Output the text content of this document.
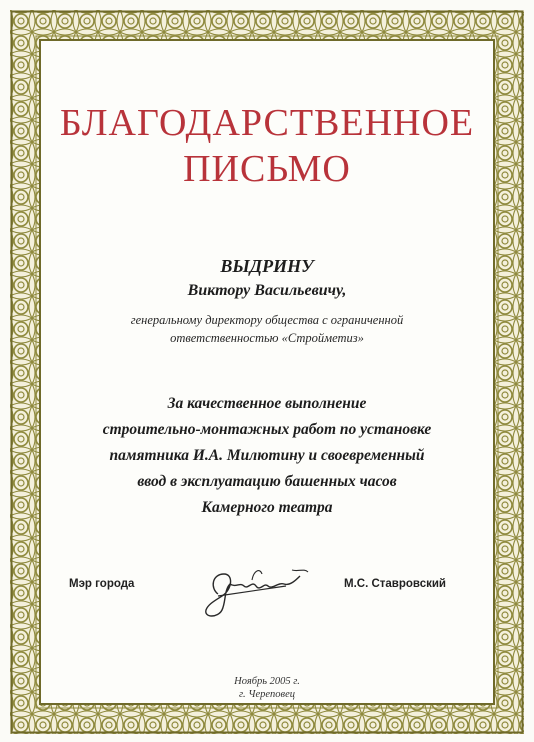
БЛАГОДАРСТВЕННОЕ
ПИСЬМО
ВЫДРИНУ
Виктору Васильевичу,
генеральному директору общества с ограниченной
ответственностью «Стройметиз»
За качественное выполнение
строительно-монтажных работ по установке
памятника И.А. Милютину и своевременный
ввод в эксплуатацию башенных часов
Камерного театра
Мэр города	М.С. Ставровский
Ноябрь 2005 г.
г. Череповец
